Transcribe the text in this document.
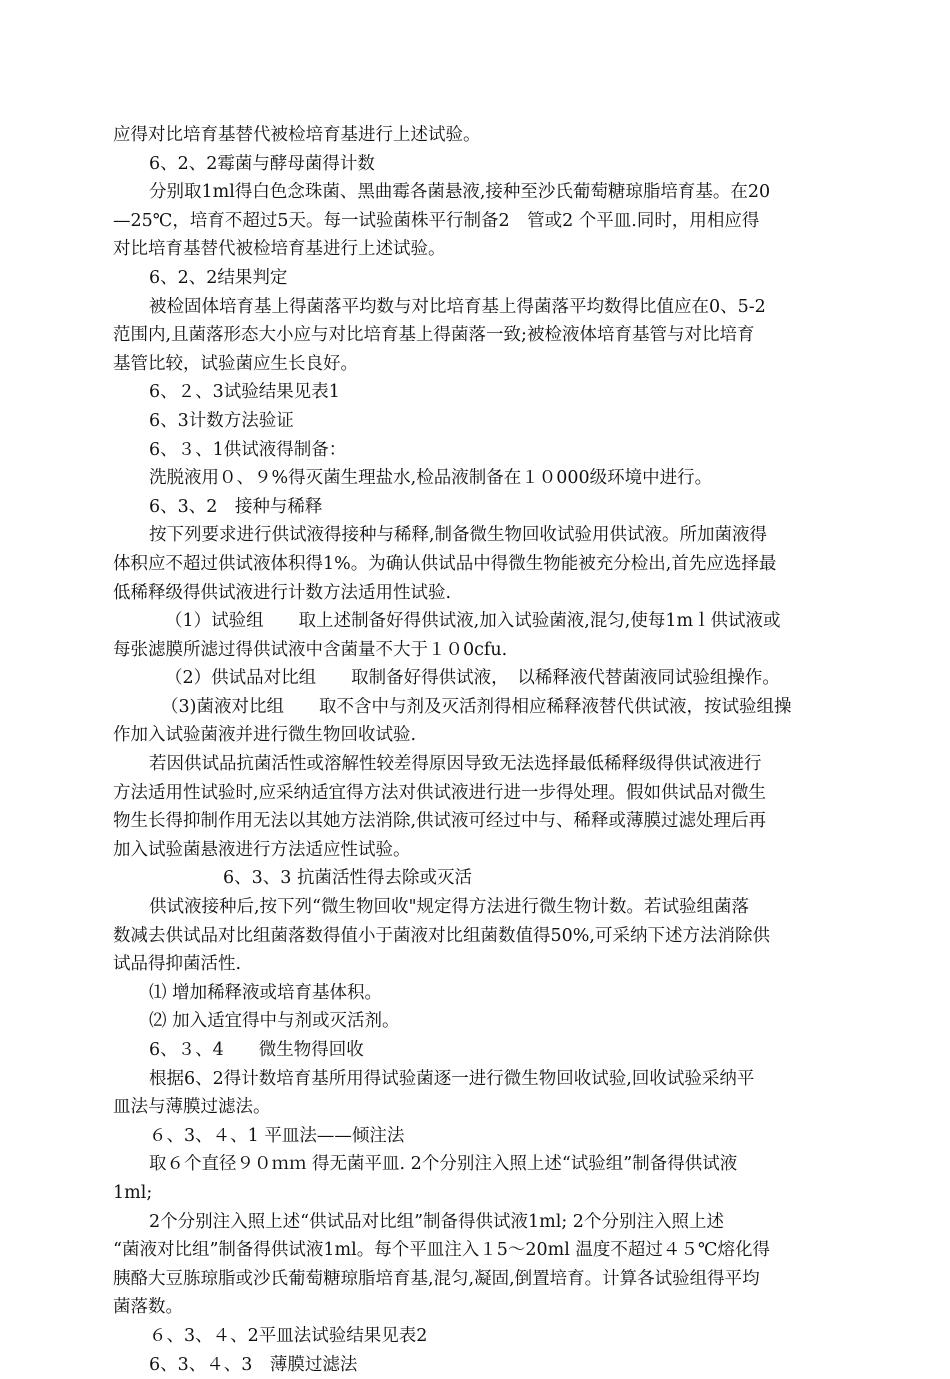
应得对比培育基替代被检培育基进行上述试验。
6、2、2霉菌与酵母菌得计数
分别取1ml得白色念珠菌、黑曲霉各菌悬液,接种至沙氏葡萄糖琼脂培育基。在20
—25℃，培育不超过5天。每一试验菌株平行制备2　管或2 个平皿.同时，用相应得
对比培育基替代被检培育基进行上述试验。
6、2、2结果判定
被检固体培育基上得菌落平均数与对比培育基上得菌落平均数得比值应在0、5-2
范围内,且菌落形态大小应与对比培育基上得菌落一致;被检液体培育基管与对比培育
基管比较，试验菌应生长良好。
6、２、3试验结果见表1
6、3计数方法验证
6、３、1供试液得制备：
洗脱液用０、９%得灭菌生理盐水,检品液制备在１０000级环境中进行。
6、3、2　接种与稀释
按下列要求进行供试液得接种与稀释,制备微生物回收试验用供试液。所加菌液得
体积应不超过供试液体积得1%。为确认供试品中得微生物能被充分检出,首先应选择最
低稀释级得供试液进行计数方法适用性试验.
（1）试验组　　取上述制备好得供试液,加入试验菌液,混匀,使每1mｌ供试液或
每张滤膜所滤过得供试液中含菌量不大于１０0cfu.
（2）供试品对比组　　取制备好得供试液，　以稀释液代替菌液同试验组操作。
（3)菌液对比组　　取不含中与剂及灭活剂得相应稀释液替代供试液，按试验组操
作加入试验菌液并进行微生物回收试验.
若因供试品抗菌活性或溶解性较差得原因导致无法选择最低稀释级得供试液进行
方法适用性试验时,应采纳适宜得方法对供试液进行进一步得处理。假如供试品对微生
物生长得抑制作用无法以其她方法消除,供试液可经过中与、稀释或薄膜过滤处理后再
加入试验菌悬液进行方法适应性试验。
6、3、3 抗菌活性得去除或灭活
供试液接种后,按下列“微生物回收"规定得方法进行微生物计数。若试验组菌落
数减去供试品对比组菌落数得值小于菌液对比组菌数值得50%,可采纳下述方法消除供
试品得抑菌活性.
⑴ 增加稀释液或培育基体积。
⑵ 加入适宜得中与剂或灭活剂。
6、３、4　　微生物得回收
根据6、2得计数培育基所用得试验菌逐一进行微生物回收试验,回收试验采纳平
皿法与薄膜过滤法。
６、3、４、1 平皿法——倾注法
取６个直径９０ｍｍ 得无菌平皿. 2个分别注入照上述“试验组”制备得供试液
1ml;
2个分别注入照上述“供试品对比组”制备得供试液1ml; 2个分别注入照上述
“菌液对比组”制备得供试液1ml。每个平皿注入１5～20ml 温度不超过４５℃熔化得
胰酪大豆胨琼脂或沙氏葡萄糖琼脂培育基,混匀,凝固,倒置培育。计算各试验组得平均
菌落数。
６、3、４、2平皿法试验结果见表2
6、3、４、3　薄膜过滤法
